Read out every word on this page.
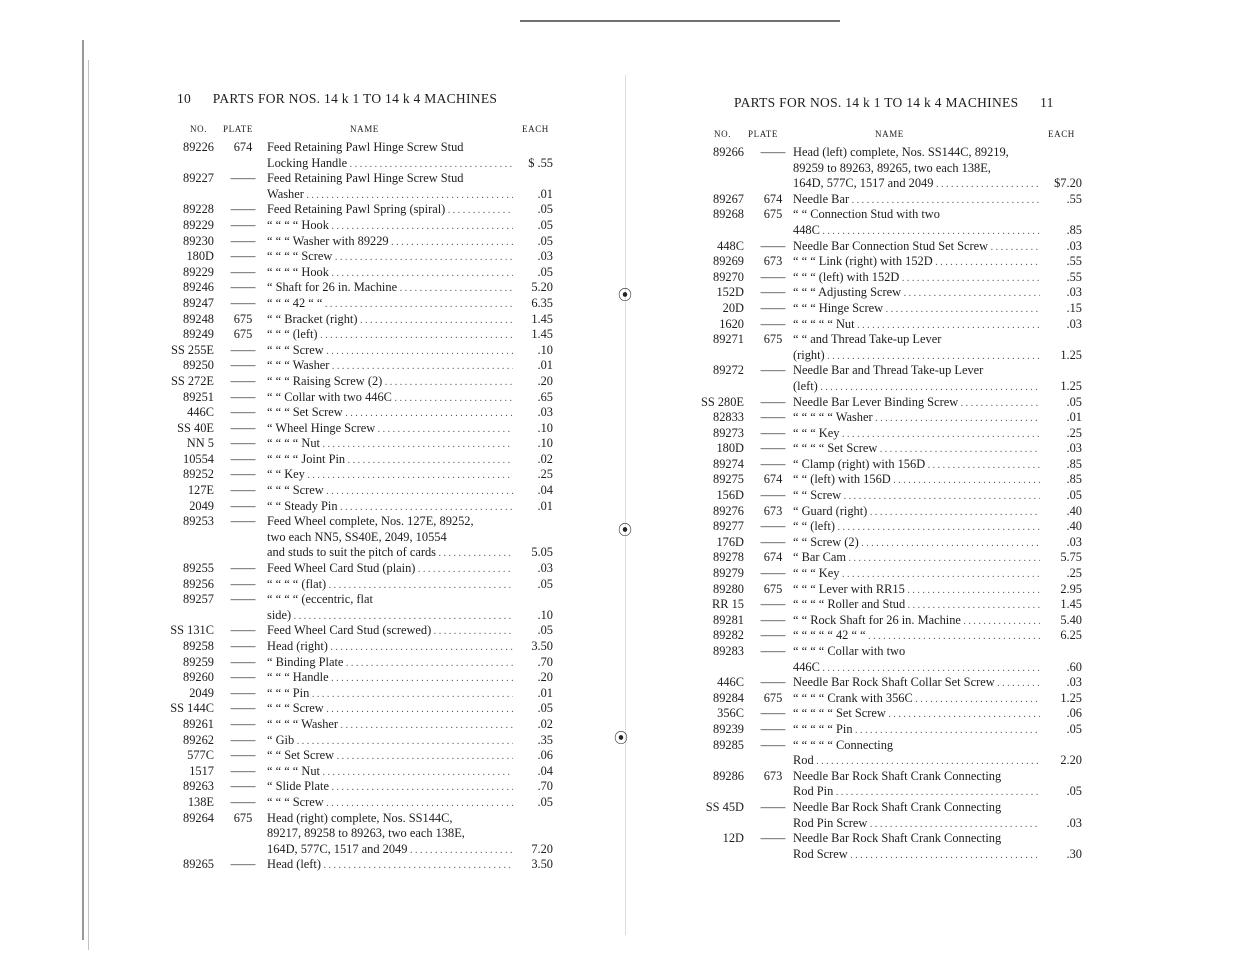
⦿
⦿
⦿
10 PARTS FOR NOS. 14 k 1 TO 14 k 4 MACHINES
NO. PLATE	NAME	EACH
89226	674	Feed Retaining Pawl Hinge Screw Stud
Locking Handle . . .	$ .55
89227	—— Feed Retaining Pawl Hinge Screw Stud
Washer . . .	.01
89228	—— Feed Retaining Pawl Spring (spiral) . . .	.05
89229	—— “ “ “ “ Hook . . .	.05
89230	—— “ “ “ Washer with 89229 . . .	.05
180D	—— “ “ “ “ Screw . . .	.03
89229	—— “ “ “ “ Hook . . .	.05
89246	—— “ Shaft for 26 in. Machine . . .	5.20
89247	—— “ “ “ 42 “ “ . . .	6.35
89248	675	“ “ Bracket (right) . . .	1.45
89249	675	“ “ “ (left) . . .	1.45
SS 255E	—— “ “ “ Screw . . .	.10
89250	—— “ “ “ Washer . . .	.01
SS 272E	—— “ “ “ Raising Screw (2) . . .	.20
89251	—— “ “ Collar with two 446C . . .	.65
446C	—— “ “ “ Set Screw . . .	.03
SS 40E	—— “ Wheel Hinge Screw . . .	.10
NN 5	—— “ “ “ “ Nut . . .	.10
10554	—— “ “ “ “ Joint Pin . . .	.02
89252	—— “ “ Key . . .	.25
127E	—— “ “ “ Screw . . .	.04
2049	—— “ “ Steady Pin . . .	.01
89253	—— Feed Wheel complete, Nos. 127E, 89252,
two each NN5, SS40E, 2049, 10554
and studs to suit the pitch of cards . . .	5.05
89255	—— Feed Wheel Card Stud (plain) . . .	.03
89256	—— “ “ “ “ (flat) . . .	.05
89257	—— “ “ “ “ (eccentric, flat
side) . . .	.10
SS 131C	—— Feed Wheel Card Stud (screwed) . . .	.05
89258	—— Head (right) . . .	3.50
89259	—— “ Binding Plate . . .	.70
89260	—— “ “ “ Handle . . .	.20
2049	—— “ “ “ Pin . . .	.01
SS 144C	—— “ “ “ Screw . . .	.05
89261	—— “ “ “ “ Washer . . .	.02
89262	—— “ Gib . . .	.35
577C	—— “ “ Set Screw . . .	.06
1517	—— “ “ “ “ Nut . . .	.04
89263	—— “ Slide Plate . . .	.70
138E	—— “ “ “ Screw . . .	.05
89264	675	Head (right) complete, Nos. SS144C,
89217, 89258 to 89263, two each 138E,
164D, 577C, 1517 and 2049 . . .	7.20
89265	—— Head (left) . . .	3.50
PARTS FOR NOS. 14 k 1 TO 14 k 4 MACHINES 11
NO. PLATE	NAME	EACH
89266	—— Head (left) complete, Nos. SS144C, 89219,
89259 to 89263, 89265, two each 138E,
164D, 577C, 1517 and 2049 . . .	$7.20
89267	674 Needle Bar . . .	.55
89268	675 “ “ Connection Stud with two
448C . . .	.85
448C	—— Needle Bar Connection Stud Set Screw . . .	.03
89269	673 “ “ “ Link (right) with 152D . . .	.55
89270	—— “ “ “ (left) with 152D . . .	.55
152D	—— “ “ “ Adjusting Screw . . .	.03
20D	—— “ “ “ Hinge Screw . . .	.15
1620	—— “ “ “ “ “ Nut . . .	.03
89271	675 “ “ and Thread Take-up Lever
(right) . . .	1.25
89272	—— Needle Bar and Thread Take-up Lever
(left) . . .	1.25
SS 280E	—— Needle Bar Lever Binding Screw . . .	.05
82833	—— “ “ “ “ “ Washer . . .	.01
89273	—— “ “ “ Key . . .	.25
180D	—— “ “ “ “ Set Screw . . .	.03
89274	—— “ Clamp (right) with 156D . . .	.85
89275	674 “ “ (left) with 156D . . .	.85
156D	—— “ “ Screw . . .	.05
89276	673 “ Guard (right) . . .	.40
89277	—— “ “ (left) . . .	.40
176D	—— “ “ Screw (2) . . .	.03
89278	674 “ Bar Cam . . .	5.75
89279	—— “ “ “ Key . . .	.25
89280	675 “ “ “ Lever with RR15 . . .	2.95
RR 15	—— “ “ “ “ Roller and Stud . . .	1.45
89281	—— “ “ Rock Shaft for 26 in. Machine . . .	5.40
89282	—— “ “ “ “ “ 42 “ “ . . .	6.25
89283	—— “ “ “ “ Collar with two
446C . . .	.60
446C	—— Needle Bar Rock Shaft Collar Set Screw . . .	.03
89284	675 “ “ “ “ Crank with 356C . . .	1.25
356C	—— “ “ “ “ “ Set Screw . . .	.06
89239	—— “ “ “ “ “ Pin . . .	.05
89285	—— “ “ “ “ “ Connecting
Rod . . .	2.20
89286	673 Needle Bar Rock Shaft Crank Connecting
Rod Pin . . .	.05
SS 45D	—— Needle Bar Rock Shaft Crank Connecting
Rod Pin Screw . . .	.03
12D	—— Needle Bar Rock Shaft Crank Connecting
Rod Screw . . .	.30
